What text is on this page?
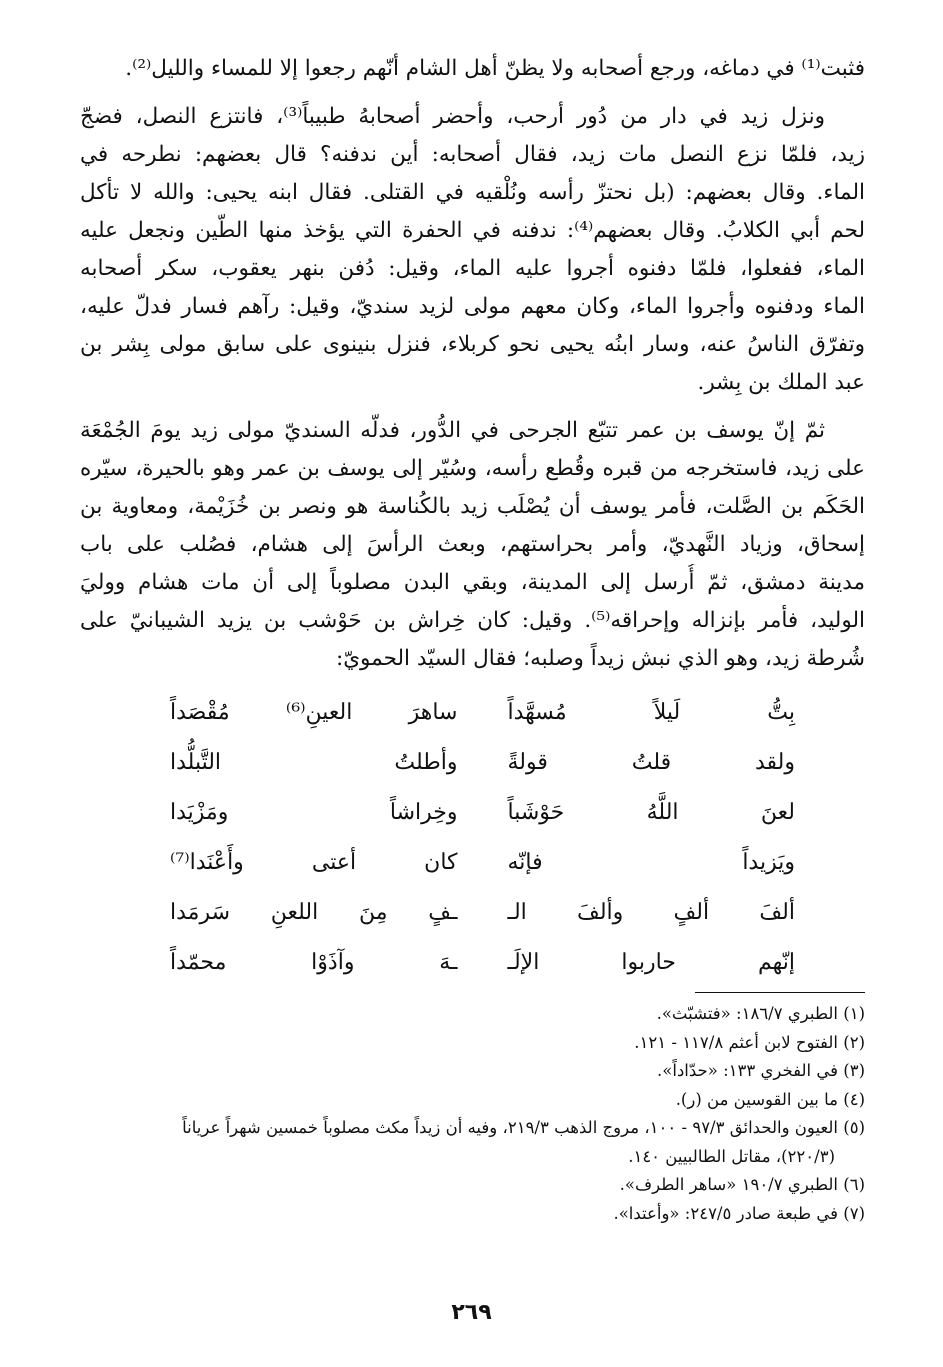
فثبت⁽¹⁾ في دماغه، ورجع أصحابه ولا يظنّ أهل الشام أنّهم رجعوا إلا للمساء والليل⁽²⁾.
ونزل زيد في دار من دُور أرحب، وأحضر أصحابهُ طبيباً⁽³⁾، فانتزع النصل، فضجّ
زيد، فلمّا نزع النصل مات زيد، فقال أصحابه: أين ندفنه؟ قال بعضهم: نطرحه في
الماء. وقال بعضهم: (بل نحتزّ رأسه ونُلْقيه في القتلى. فقال ابنه يحيى: والله لا تأكل
لحم أبي الكلابُ. وقال بعضهم⁽⁴⁾: ندفنه في الحفرة التي يؤخذ منها الطّين ونجعل عليه
الماء، ففعلوا، فلمّا دفنوه أجروا عليه الماء، وقيل: دُفن بنهر يعقوب، سكر أصحابه
الماء ودفنوه وأجروا الماء، وكان معهم مولى لزيد سنديّ، وقيل: رآهم فسار فدلّ عليه،
وتفرّق الناسُ عنه، وسار ابنُه يحيى نحو كربلاء، فنزل بنينوى على سابق مولى بِشر بن
عبد الملك بن بِشر.
ثمّ إنّ يوسف بن عمر تتبّع الجرحى في الدُّور، فدلّه السنديّ مولى زيد يومَ الجُمْعَة
على زيد، فاستخرجه من قبره وقُطع رأسه، وسُيّر إلى يوسف بن عمر وهو بالحيرة، سيّره
الحَكَم بن الصَّلت، فأمر يوسف أن يُصْلَب زيد بالكُناسة هو ونصر بن خُزَيْمة، ومعاوية بن
إسحاق، وزياد النَّهديّ، وأمر بحراستهم، وبعث الرأسَ إلى هشام، فصُلب على باب
مدينة دمشق، ثمّ أُرسل إلى المدينة، وبقي البدن مصلوباً إلى أن مات هشام ووليَ
الوليد، فأمر بإنزاله وإحراقه⁽⁵⁾. وقيل: كان خِراش بن حَوْشب بن يزيد الشيبانيّ على
شُرطة زيد، وهو الذي نبش زيداً وصلبه؛ فقال السيّد الحمويّ:
بِتُّ لَيلاً مُسهَّداً
ساهرَ العينِ⁽⁶⁾ مُقْصَداً
ولقد قلتُ قولةً
وأطلتُ التَّبلُّدا
لعنَ اللَّهُ حَوْشَباً
وخِراشاً ومَزْيَدا
ويَزيداً فإنّه
كان أعتى وأَعْنَدا⁽⁷⁾
ألفَ ألفٍ وألفَ الـ
ـفٍ مِنَ اللعنِ سَرمَدا
إنّهم حاربوا الإلَـ
ـهَ وآذَوْا محمّداً
(١) الطبري ١٨٦/٧: «فتشبّث».
(٢) الفتوح لابن أعثم ١١٧/٨ - ١٢١.
(٣) في الفخري ١٣٣: «حدّاداً».
(٤) ما بين القوسين من (ر).
(٥) العيون والحدائق ٩٧/٣ - ١٠٠، مروج الذهب ٢١٩/٣، وفيه أن زيداً مكث مصلوباً خمسين شهراً عرياناً
(٢٢٠/٣)، مقاتل الطالبيين ١٤٠.
(٦) الطبري ١٩٠/٧ «ساهر الطرف».
(٧) في طبعة صادر ٢٤٧/٥: «وأعتدا».
٢٦٩
